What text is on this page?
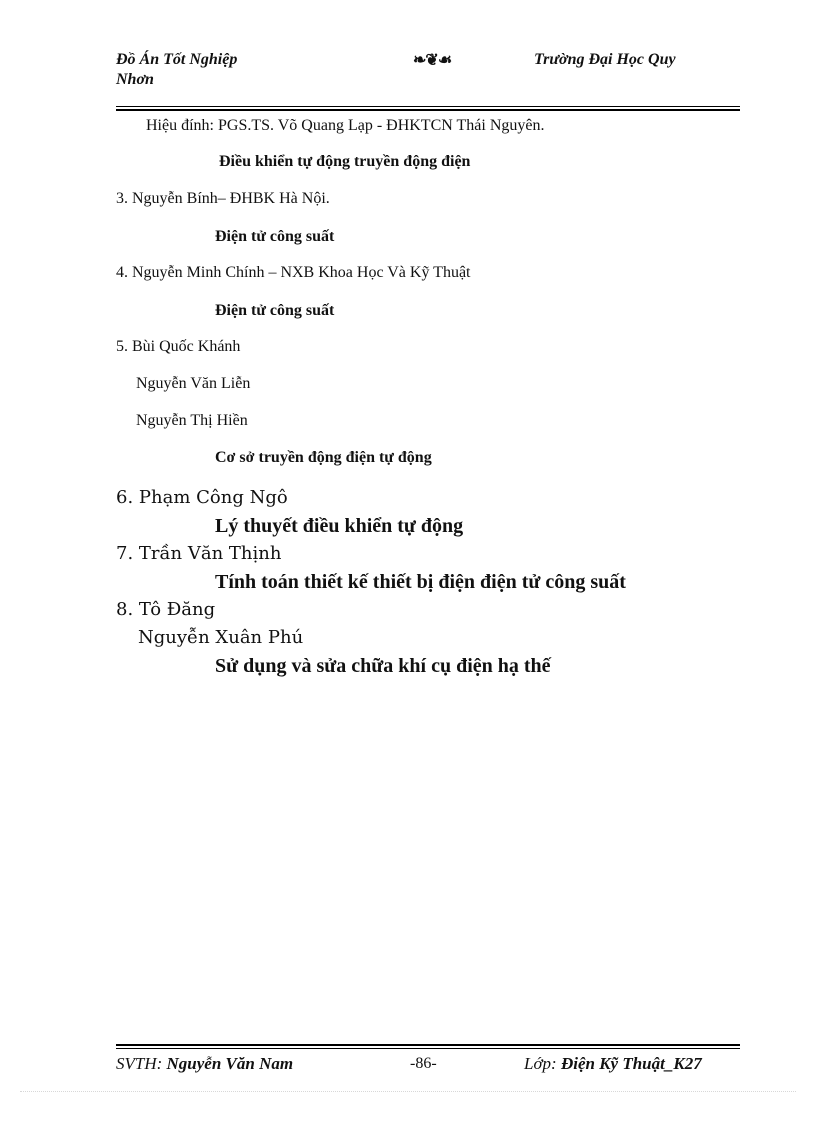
Đồ Án Tốt Nghiệp
Nhơn
❧❦☙	Trường Đại Học Quy
Hiệu đính: PGS.TS. Võ Quang Lạp - ĐHKTCN Thái Nguyên.
Điều khiển tự động truyền động điện
3. Nguyễn Bính– ĐHBK Hà Nội.
Điện tử công suất
4. Nguyễn Minh Chính – NXB Khoa Học Và Kỹ Thuật
Điện tử công suất
5. Bùi Quốc Khánh
Nguyễn Văn Liễn
Nguyễn Thị Hiền
Cơ sở truyền động điện tự động
6. Phạm Công Ngô
Lý thuyết điều khiển tự động
7. Trần Văn Thịnh
Tính toán thiết kế thiết bị điện điện tử công suất
8. Tô Đăng
Nguyễn Xuân Phú
Sử dụng và sửa chữa khí cụ điện hạ thế
SVTH: Nguyễn Văn Nam	-86-	Lớp: Điện Kỹ Thuật_K27
